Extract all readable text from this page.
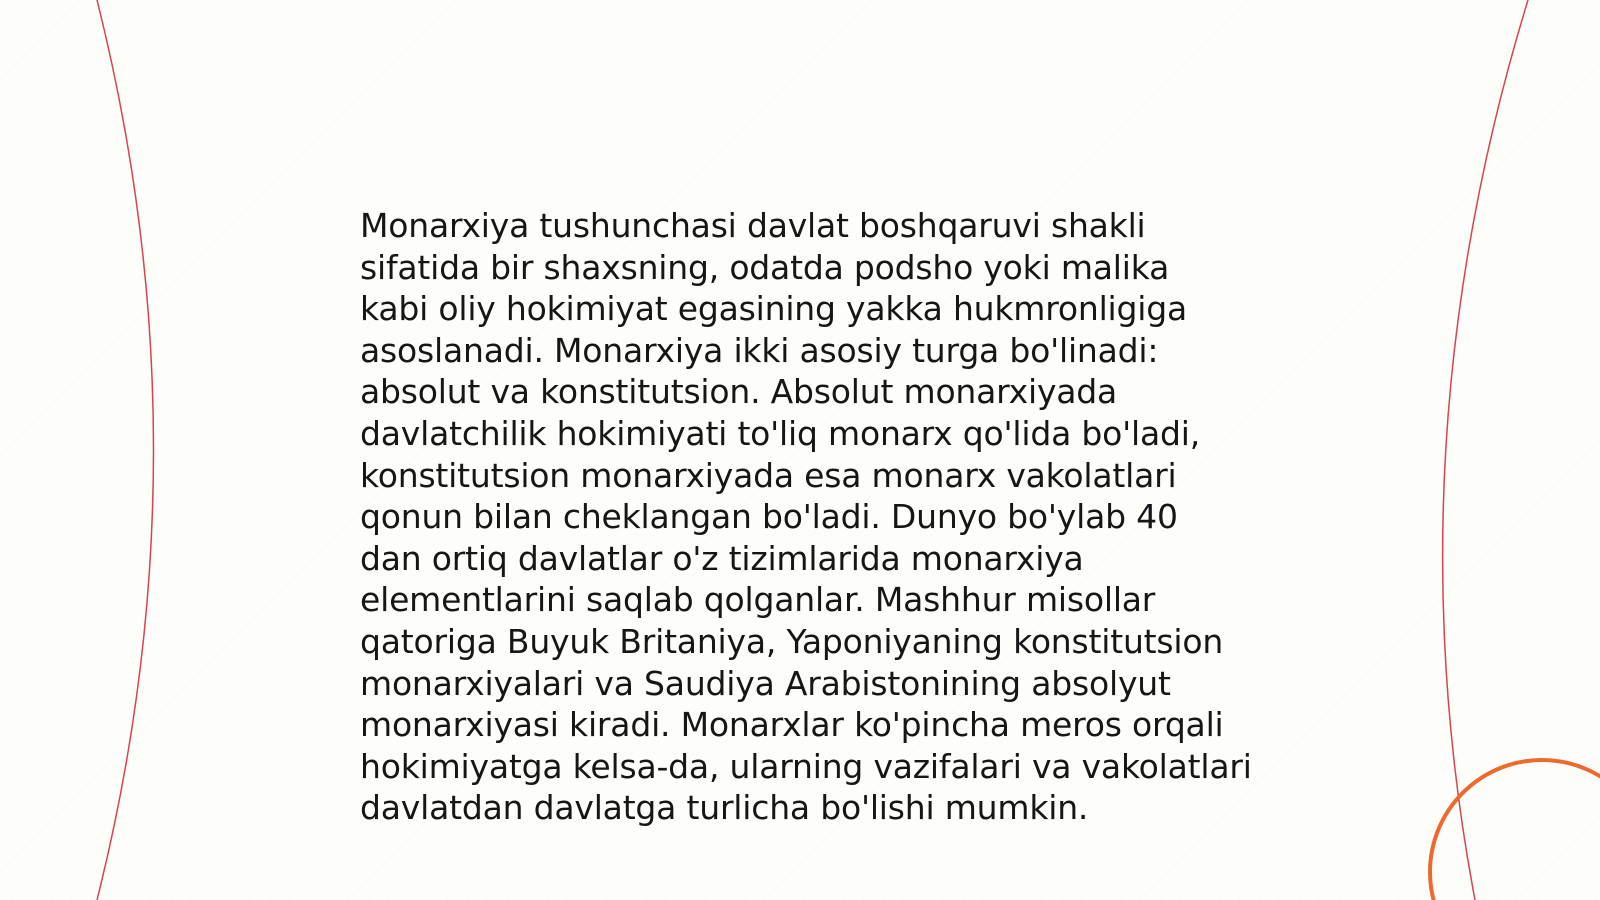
Monarxiya tushunchasi davlat boshqaruvi shakli
sifatida bir shaxsning, odatda podsho yoki malika
kabi oliy hokimiyat egasining yakka hukmronligiga
asoslanadi. Monarxiya ikki asosiy turga bo'linadi:
absolut va konstitutsion. Absolut monarxiyada
davlatchilik hokimiyati to'liq monarx qo'lida bo'ladi,
konstitutsion monarxiyada esa monarx vakolatlari
qonun bilan cheklangan bo'ladi. Dunyo bo'ylab 40
dan ortiq davlatlar o'z tizimlarida monarxiya
elementlarini saqlab qolganlar. Mashhur misollar
qatoriga Buyuk Britaniya, Yaponiyaning konstitutsion
monarxiyalari va Saudiya Arabistonining absolyut
monarxiyasi kiradi. Monarxlar ko'pincha meros orqali
hokimiyatga kelsa-da, ularning vazifalari va vakolatlari
davlatdan davlatga turlicha bo'lishi mumkin.
